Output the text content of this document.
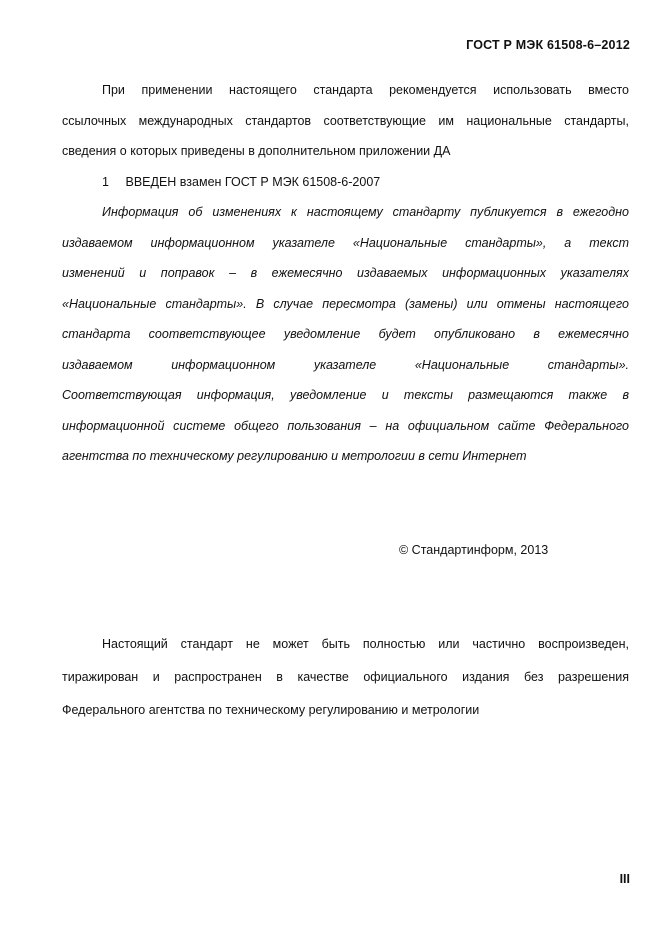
ГОСТ Р МЭК 61508-6–2012
При применении настоящего стандарта рекомендуется использовать вместо
ссылочных международных стандартов соответствующие им национальные стандарты,
сведения о которых приведены в дополнительном приложении ДА
1 ВВЕДЕН взамен ГОСТ Р МЭК 61508-6-2007
Информация об изменениях к настоящему стандарту публикуется в ежегодно
издаваемом информационном указателе «Национальные стандарты», а текст
изменений и поправок – в ежемесячно издаваемых информационных указателях
«Национальные стандарты». В случае пересмотра (замены) или отмены настоящего
стандарта соответствующее уведомление будет опубликовано в ежемесячно
издаваемом информационном указателе «Национальные стандарты».
Соответствующая информация, уведомление и тексты размещаются также в
информационной системе общего пользования – на официальном сайте Федерального
агентства по техническому регулированию и метрологии в сети Интернет
© Стандартинформ, 2013
Настоящий стандарт не может быть полностью или частично воспроизведен,
тиражирован и распространен в качестве официального издания без разрешения
Федерального агентства по техническому регулированию и метрологии
III
